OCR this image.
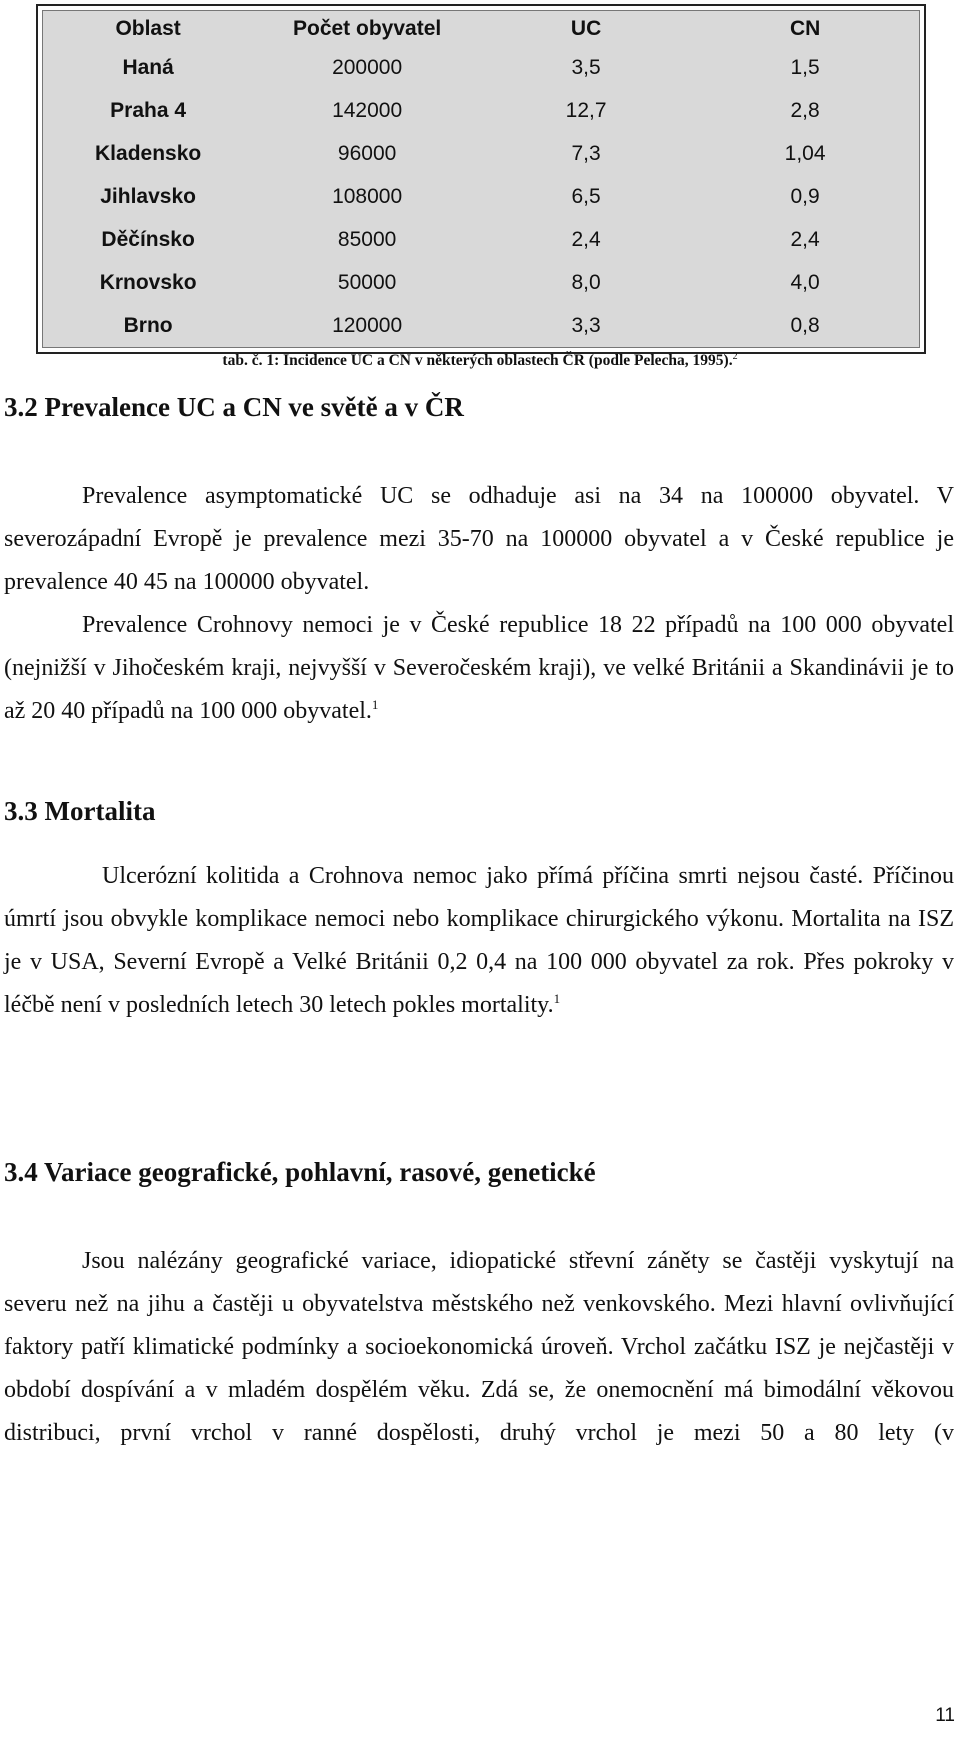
Oblast	Počet obyvatel	UC	CN
Haná	200000	3,5	1,5
Praha 4	142000	12,7	2,8
Kladensko	96000	7,3	1,04
Jihlavsko	108000	6,5	0,9
Děčínsko	85000	2,4	2,4
Krnovsko	50000	8,0	4,0
Brno	120000	3,3	0,8
tab. č. 1: Incidence UC a CN v některých oblastech ČR (podle Pelecha, 1995).$^2$
3.2 Prevalence UC a CN ve světě a v ČR

Prevalence asymptomatické UC se odhaduje asi na 34 na 100000 obyvatel. V severozápadní Evropě je prevalence mezi 35-70 na 100000 obyvatel a v České republice je prevalence 40 45 na 100000 obyvatel.

Prevalence Crohnovy nemoci je v České republice 18 22 případů na 100 000 obyvatel (nejnižší v Jihočeském kraji, nejvyšší v Severočeském kraji), ve velké Británii a Skandinávii je to až 20 40 případů na 100 000 obyvatel.$^1$

3.3 Mortalita

Ulcerózní kolitida a Crohnova nemoc jako přímá příčina smrti nejsou časté. Příčinou úmrtí jsou obvykle komplikace nemoci nebo komplikace chirurgického výkonu. Mortalita na ISZ je v USA, Severní Evropě a Velké Británii 0,2 0,4 na 100 000 obyvatel za rok. Přes pokroky v léčbě není v posledních letech 30 letech pokles mortality.$^1$

3.4 Variace geografické, pohlavní, rasové, genetické

Jsou nalézány geografické variace, idiopatické střevní záněty se častěji vyskytují na severu než na jihu a častěji u obyvatelstva městského než venkovského. Mezi hlavní ovlivňující faktory patří klimatické podmínky a socioekonomická úroveň. Vrchol začátku ISZ je nejčastěji v období dospívání a v mladém dospělém věku. Zdá se, že onemocnění má bimodální věkovou distribuci, první vrchol v ranné dospělosti, druhý vrchol je mezi 50 a 80 lety (v

11
